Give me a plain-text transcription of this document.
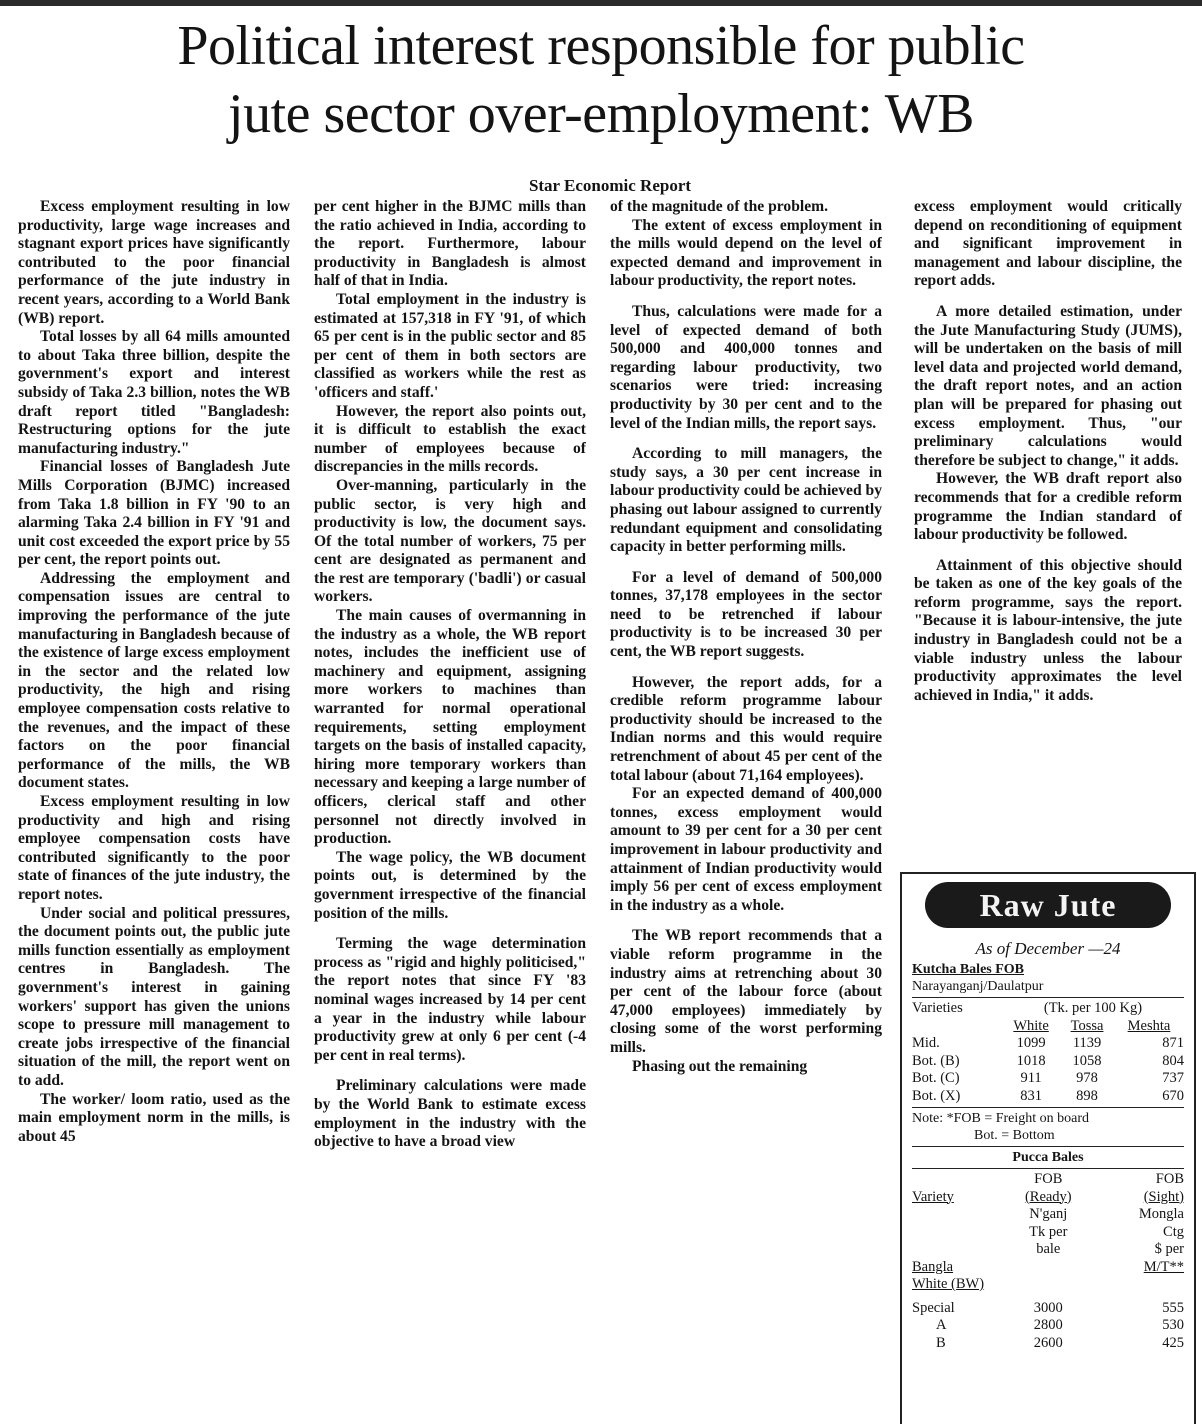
Political interest responsible for public
jute sector over-employment: WB
Star Economic Report

Excess employment resulting in low productivity, large wage increases and stagnant export prices have significantly contributed to the poor financial performance of the jute industry in recent years, according to a World Bank (WB) report.

Total losses by all 64 mills amounted to about Taka three billion, despite the government's export and interest subsidy of Taka 2.3 billion, notes the WB draft report titled "Bangladesh: Restructuring options for the jute manufacturing industry."

Financial losses of Bangladesh Jute Mills Corporation (BJMC) increased from Taka 1.8 billion in FY '90 to an alarming Taka 2.4 billion in FY '91 and unit cost exceeded the export price by 55 per cent, the report points out.

Addressing the employment and compensation issues are central to improving the performance of the jute manufacturing in Bangladesh because of the existence of large excess employment in the sector and the related low productivity, the high and rising employee compensation costs relative to the revenues, and the impact of these factors on the poor financial performance of the mills, the WB document states.

Excess employment resulting in low productivity and high and rising employee compensation costs have contributed significantly to the poor state of finances of the jute industry, the report notes.

Under social and political pressures, the document points out, the public jute mills function essentially as employment centres in Bangladesh. The government's interest in gaining workers' support has given the unions scope to pressure mill management to create jobs irrespective of the financial situation of the mill, the report went on to add.

The worker/ loom ratio, used as the main employment norm in the mills, is about 45

per cent higher in the BJMC mills than the ratio achieved in India, according to the report. Furthermore, labour productivity in Bangladesh is almost half of that in India.

Total employment in the industry is estimated at 157,318 in FY '91, of which 65 per cent is in the public sector and 85 per cent of them in both sectors are classified as workers while the rest as 'officers and staff.'

However, the report also points out, it is difficult to establish the exact number of employees because of discrepancies in the mills records.

Over-manning, particularly in the public sector, is very high and productivity is low, the document says. Of the total number of workers, 75 per cent are designated as permanent and the rest are temporary ('badli') or casual workers.

The main causes of overmanning in the industry as a whole, the WB report notes, includes the inefficient use of machinery and equipment, assigning more workers to machines than warranted for normal operational requirements, setting employment targets on the basis of installed capacity, hiring more temporary workers than necessary and keeping a large number of officers, clerical staff and other personnel not directly involved in production.

The wage policy, the WB document points out, is determined by the government irrespective of the financial position of the mills.

Terming the wage determination process as "rigid and highly politicised," the report notes that since FY '83 nominal wages increased by 14 per cent a year in the industry while labour productivity grew at only 6 per cent (-4 per cent in real terms).

Preliminary calculations were made by the World Bank to estimate excess employment in the industry with the objective to have a broad view

of the magnitude of the problem.

The extent of excess employment in the mills would depend on the level of expected demand and improvement in labour productivity, the report notes.

Thus, calculations were made for a level of expected demand of both 500,000 and 400,000 tonnes and regarding labour productivity, two scenarios were tried: increasing productivity by 30 per cent and to the level of the Indian mills, the report says.

According to mill managers, the study says, a 30 per cent increase in labour productivity could be achieved by phasing out labour assigned to currently redundant equipment and consolidating capacity in better performing mills.

For a level of demand of 500,000 tonnes, 37,178 employees in the sector need to be retrenched if labour productivity is to be increased 30 per cent, the WB report suggests.

However, the report adds, for a credible reform programme labour productivity should be increased to the Indian norms and this would require retrenchment of about 45 per cent of the total labour (about 71,164 employees).

For an expected demand of 400,000 tonnes, excess employment would amount to 39 per cent for a 30 per cent improvement in labour productivity and attainment of Indian productivity would imply 56 per cent of excess employment in the industry as a whole.

The WB report recommends that a viable reform programme in the industry aims at retrenching about 30 per cent of the labour force (about 47,000 employees) immediately by closing some of the worst performing mills.

Phasing out the remaining

excess employment would critically depend on reconditioning of equipment and significant improvement in management and labour discipline, the report adds.

A more detailed estimation, under the Jute Manufacturing Study (JUMS), will be undertaken on the basis of mill level data and projected world demand, the draft report notes, and an action plan will be prepared for phasing out excess employment. Thus, "our preliminary calculations would therefore be subject to change," it adds.

However, the WB draft report also recommends that for a credible reform programme the Indian standard of labour productivity be followed.

Attainment of this objective should be taken as one of the key goals of the reform programme, says the report. "Because it is labour-intensive, the jute industry in Bangladesh could not be a viable industry unless the labour productivity approximates the level achieved in India," it adds.

Raw Jute
As of December —24
Kutcha Bales FOB
Narayanganj/Daulatpur
Varieties	(Tk. per 100 Kg)		
	White	Tossa	Meshta
Mid.	1099	1139	871
Bot. (B)	1018	1058	804
Bot. (C)	911	978	737
Bot. (X)	831	898	670
Note: *FOB = Freight on board
Bot. = Bottom
Pucca Bales
	FOB	FOB
Variety	(Ready)	(Sight)
	N'ganj	Mongla
	Tk per	Ctg
	bale	$ per
Bangla		M/T**
White (BW)		

Special	3000	555
A	2800	530
B	2600	425
